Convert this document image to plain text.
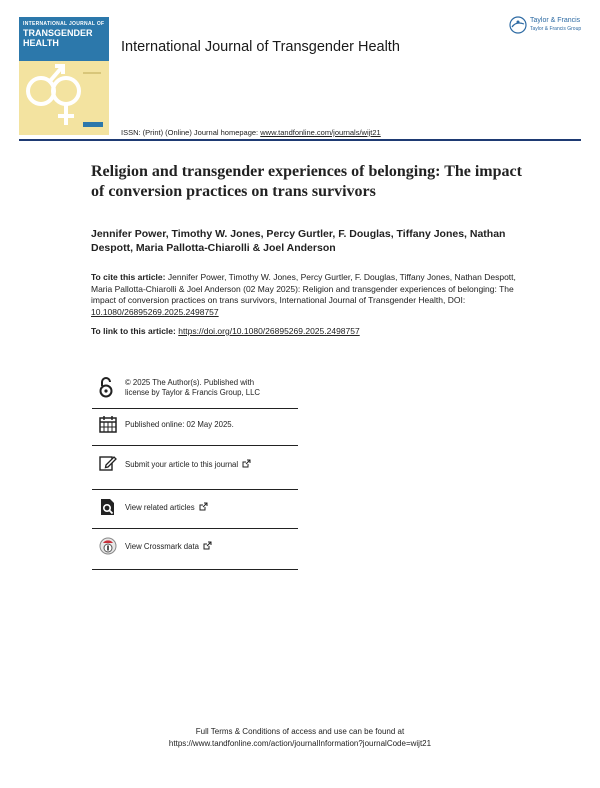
INTERNATIONAL JOURNAL OF
TRANSGENDER HEALTH	International Journal of Transgender Health
Taylor & Francis
Taylor & Francis Group
ISSN: (Print) (Online) Journal homepage: www.tandfonline.com/journals/wijt21
Religion and transgender experiences of belonging: The impact of conversion practices on trans survivors
Jennifer Power, Timothy W. Jones, Percy Gurtler, F. Douglas, Tiffany Jones, Nathan Despott, Maria Pallotta-Chiarolli & Joel Anderson
To cite this article: Jennifer Power, Timothy W. Jones, Percy Gurtler, F. Douglas, Tiffany Jones, Nathan Despott, Maria Pallotta-Chiarolli & Joel Anderson (02 May 2025): Religion and transgender experiences of belonging: The impact of conversion practices on trans survivors, International Journal of Transgender Health, DOI: 10.1080/26895269.2025.2498757
To link to this article: https://doi.org/10.1080/26895269.2025.2498757
© 2025 The Author(s). Published with
license by Taylor & Francis Group, LLC
Published online: 02 May 2025.
Submit your article to this journal
View related articles
View Crossmark data
Full Terms & Conditions of access and use can be found at
https://www.tandfonline.com/action/journalInformation?journalCode=wijt21
